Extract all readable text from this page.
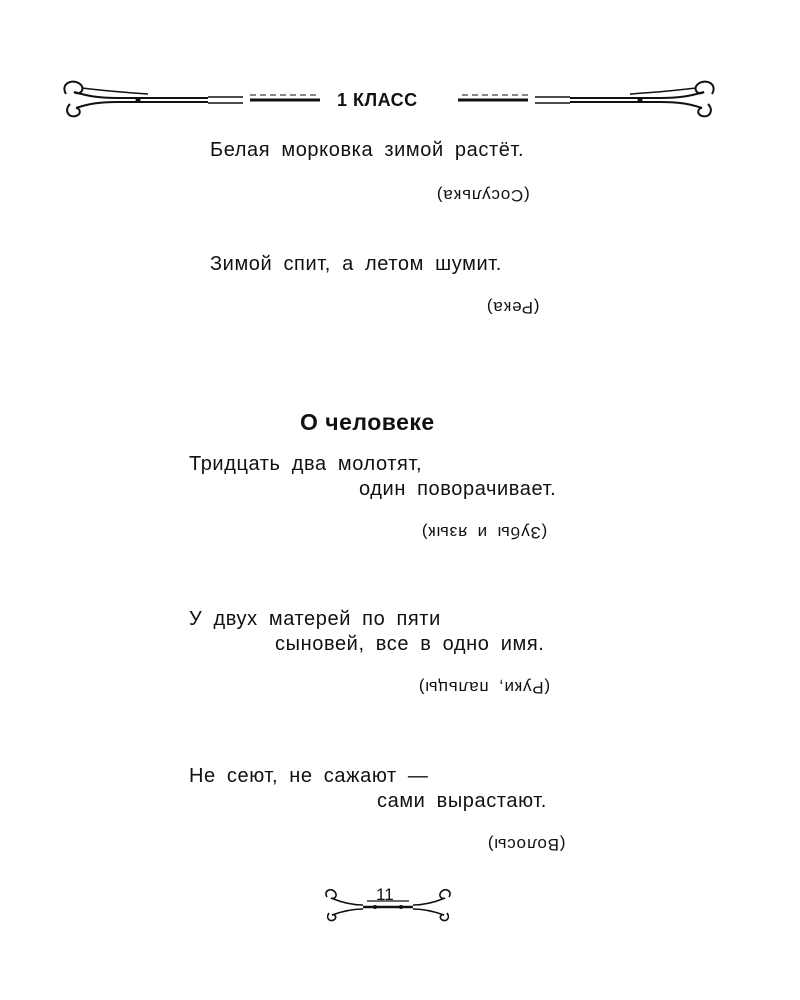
1 КЛАСС
Белая морковка зимой растёт.
(Сосулька)
Зимой спит, а летом шумит.
(Река)
О человеке
Тридцать два молотят,
один поворачивает.
(Зубы и язык)
У двух матерей по пяти
сыновей, все в одно имя.
(Руки, пальцы)
Не сеют, не сажают —
сами вырастают.
(Волосы)
11
